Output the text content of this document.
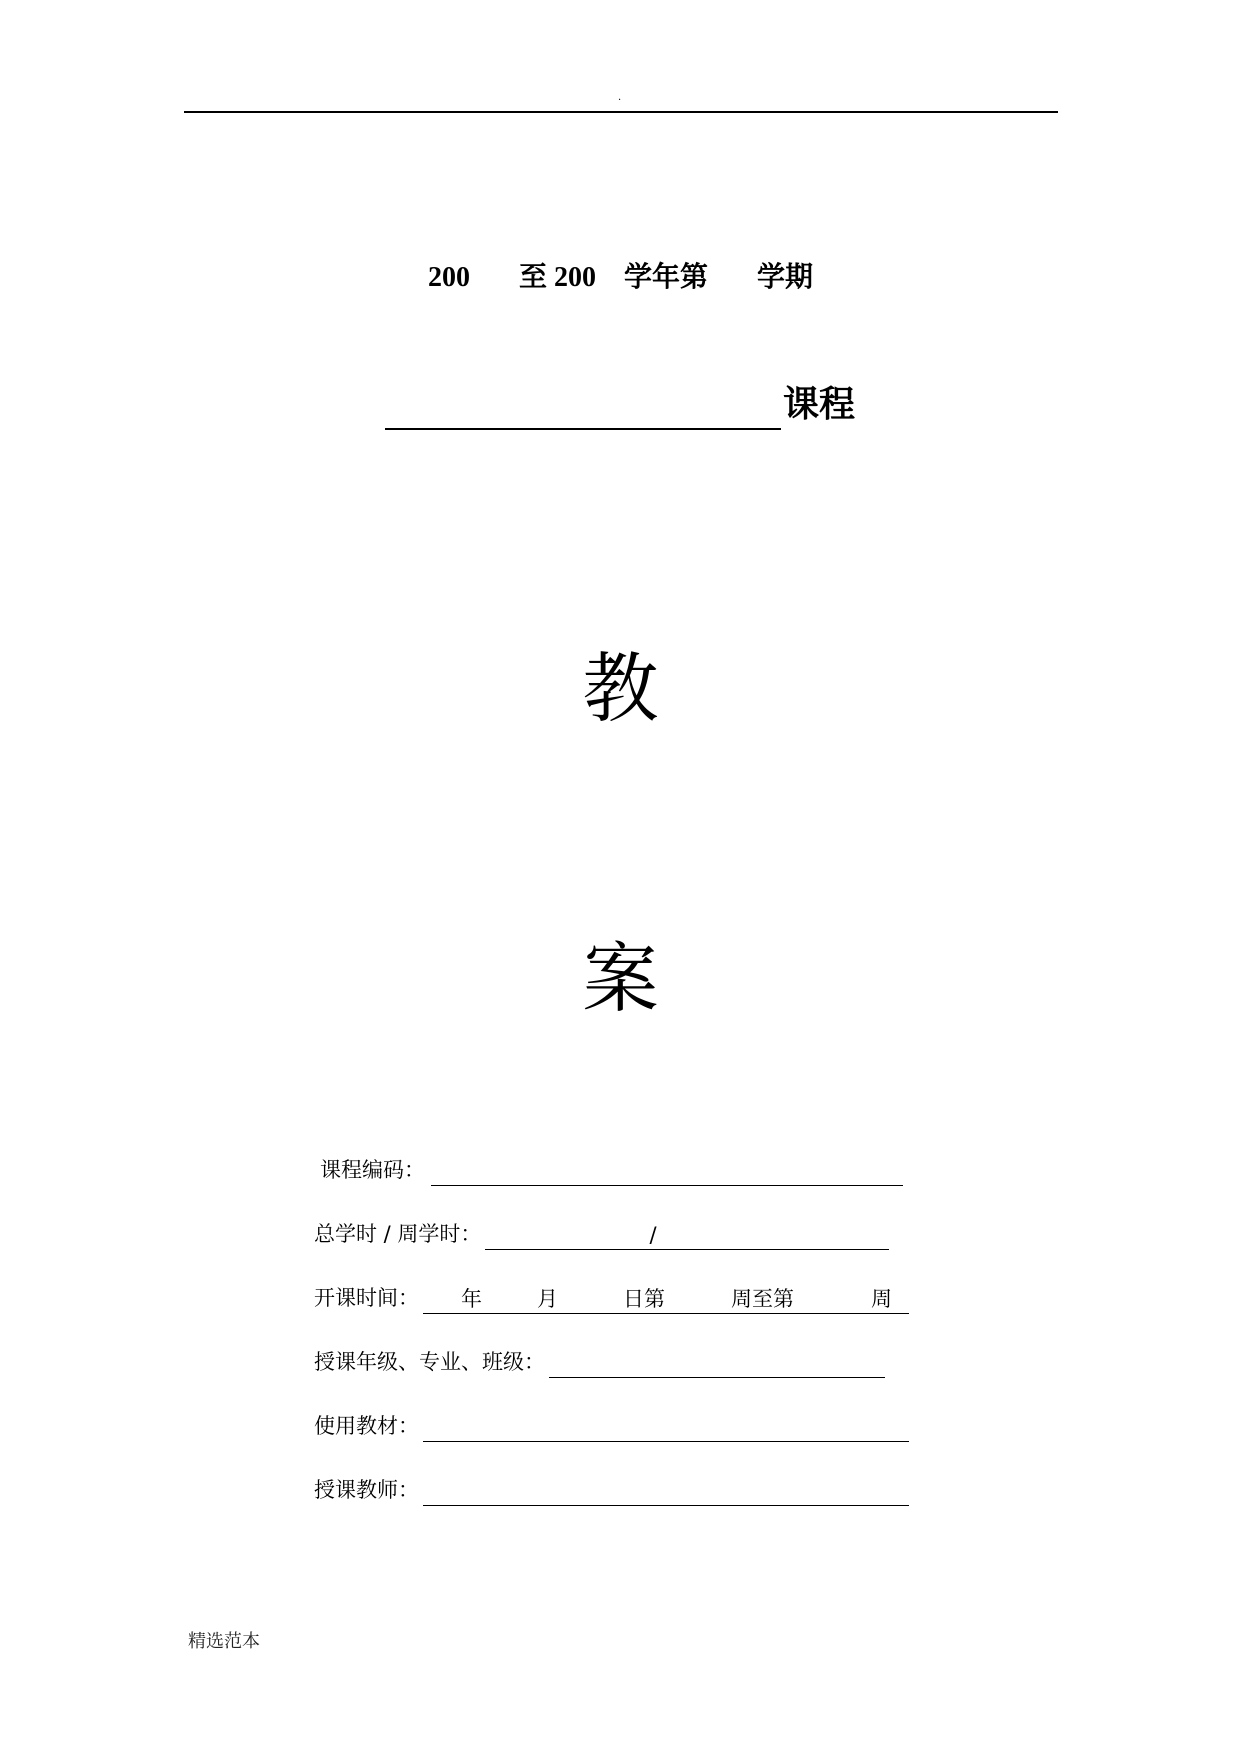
.
200 至 200 学年第 学期
课程
教
案
课程编码：
总学时 / 周学时：	/
开课时间： 年	月	日第	周至第	周
授课年级、专业、班级：
使用教材：
授课教师：
精选范本
